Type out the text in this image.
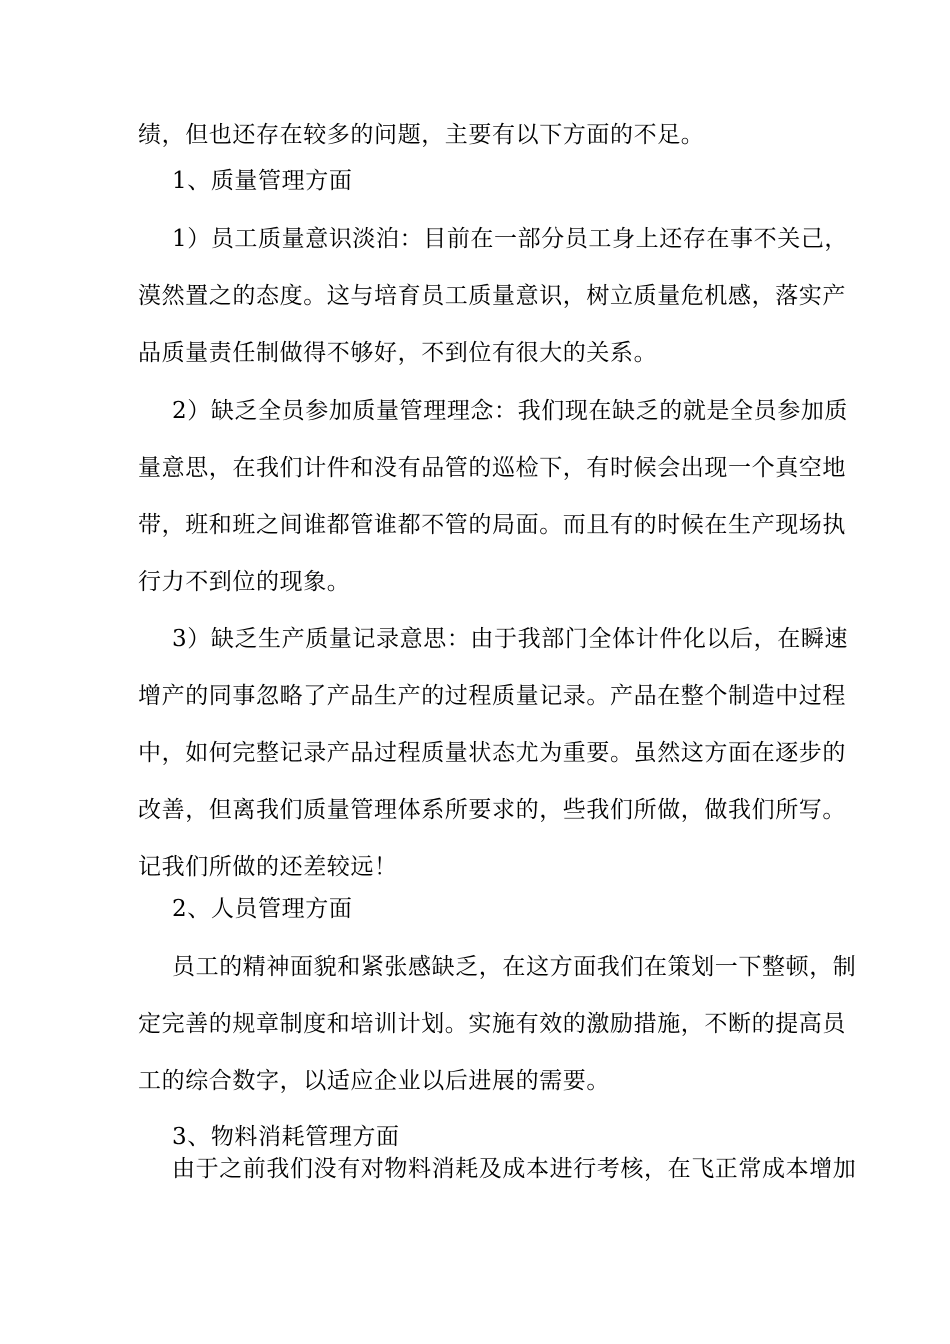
绩，但也还存在较多的问题，主要有以下方面的不足。
1、质量管理方面
1）员工质量意识淡泊：目前在一部分员工身上还存在事不关己，
漠然置之的态度。这与培育员工质量意识，树立质量危机感，落实产
品质量责任制做得不够好，不到位有很大的关系。
2）缺乏全员参加质量管理理念：我们现在缺乏的就是全员参加质
量意思，在我们计件和没有品管的巡检下，有时候会出现一个真空地
带，班和班之间谁都管谁都不管的局面。而且有的时候在生产现场执
行力不到位的现象。
3）缺乏生产质量记录意思：由于我部门全体计件化以后，在瞬速
增产的同事忽略了产品生产的过程质量记录。产品在整个制造中过程
中，如何完整记录产品过程质量状态尤为重要。虽然这方面在逐步的
改善，但离我们质量管理体系所要求的，些我们所做，做我们所写。
记我们所做的还差较远！
2、人员管理方面
员工的精神面貌和紧张感缺乏，在这方面我们在策划一下整顿，制
定完善的规章制度和培训计划。实施有效的激励措施，不断的提高员
工的综合数字，以适应企业以后进展的需要。
3、物料消耗管理方面
由于之前我们没有对物料消耗及成本进行考核，在飞正常成本增加
